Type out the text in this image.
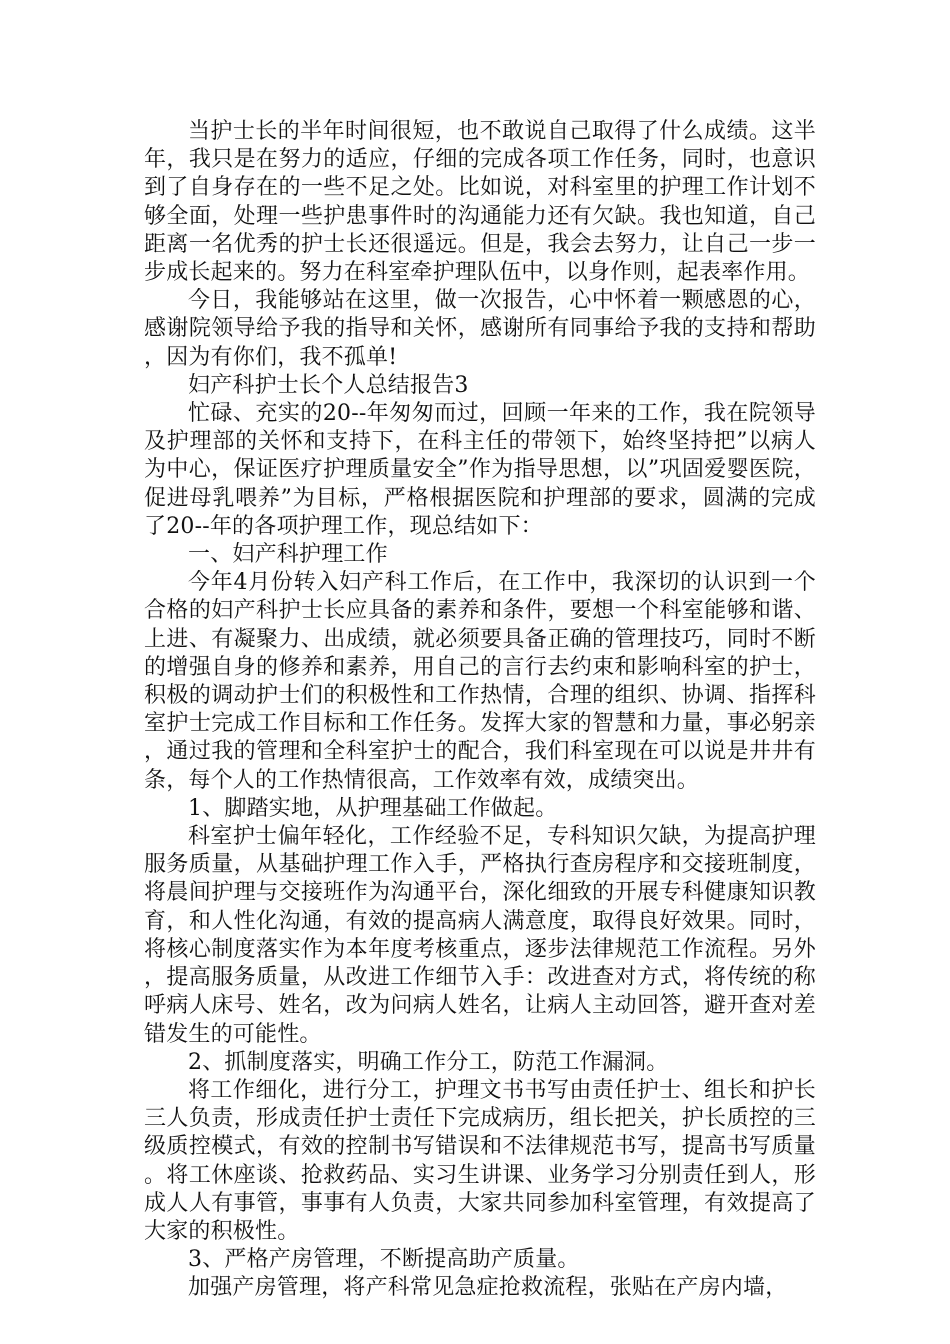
当护士长的半年时间很短，也不敢说自己取得了什么成绩。这半年，我只是在努力的适应，仔细的完成各项工作任务，同时，也意识到了自身存在的一些不足之处。比如说，对科室里的护理工作计划不够全面，处理一些护患事件时的沟通能力还有欠缺。我也知道，自己距离一名优秀的护士长还很遥远。但是，我会去努力，让自己一步一步成长起来的。努力在科室牵护理队伍中，以身作则，起表率作用。

今日，我能够站在这里，做一次报告，心中怀着一颗感恩的心，感谢院领导给予我的指导和关怀，感谢所有同事给予我的支持和帮助，因为有你们，我不孤单!

妇产科护士长个人总结报告3

忙碌、充实的20--年匆匆而过，回顾一年来的工作，我在院领导及护理部的关怀和支持下，在科主任的带领下，始终坚持把”以病人为中心，保证医疗护理质量安全”作为指导思想，以”巩固爱婴医院，促进母乳喂养”为目标，严格根据医院和护理部的要求，圆满的完成了20--年的各项护理工作，现总结如下：

一、妇产科护理工作

今年4月份转入妇产科工作后，在工作中，我深切的认识到一个合格的妇产科护士长应具备的素养和条件，要想一个科室能够和谐、上进、有凝聚力、出成绩，就必须要具备正确的管理技巧，同时不断的增强自身的修养和素养，用自己的言行去约束和影响科室的护士，积极的调动护士们的积极性和工作热情，合理的组织、协调、指挥科室护士完成工作目标和工作任务。发挥大家的智慧和力量，事必躬亲，通过我的管理和全科室护士的配合，我们科室现在可以说是井井有条，每个人的工作热情很高，工作效率有效，成绩突出。

1、脚踏实地，从护理基础工作做起。

科室护士偏年轻化，工作经验不足，专科知识欠缺，为提高护理服务质量，从基础护理工作入手，严格执行查房程序和交接班制度，将晨间护理与交接班作为沟通平台，深化细致的开展专科健康知识教育，和人性化沟通，有效的提高病人满意度，取得良好效果。同时，将核心制度落实作为本年度考核重点，逐步法律规范工作流程。另外，提高服务质量，从改进工作细节入手：改进查对方式，将传统的称呼病人床号、姓名，改为问病人姓名，让病人主动回答，避开查对差错发生的可能性。

2、抓制度落实，明确工作分工，防范工作漏洞。

将工作细化，进行分工，护理文书书写由责任护士、组长和护长三人负责，形成责任护士责任下完成病历，组长把关，护长质控的三级质控模式，有效的控制书写错误和不法律规范书写，提高书写质量。将工休座谈、抢救药品、实习生讲课、业务学习分别责任到人，形成人人有事管，事事有人负责，大家共同参加科室管理，有效提高了大家的积极性。

3、严格产房管理，不断提高助产质量。

加强产房管理，将产科常见急症抢救流程，张贴在产房内墙，
